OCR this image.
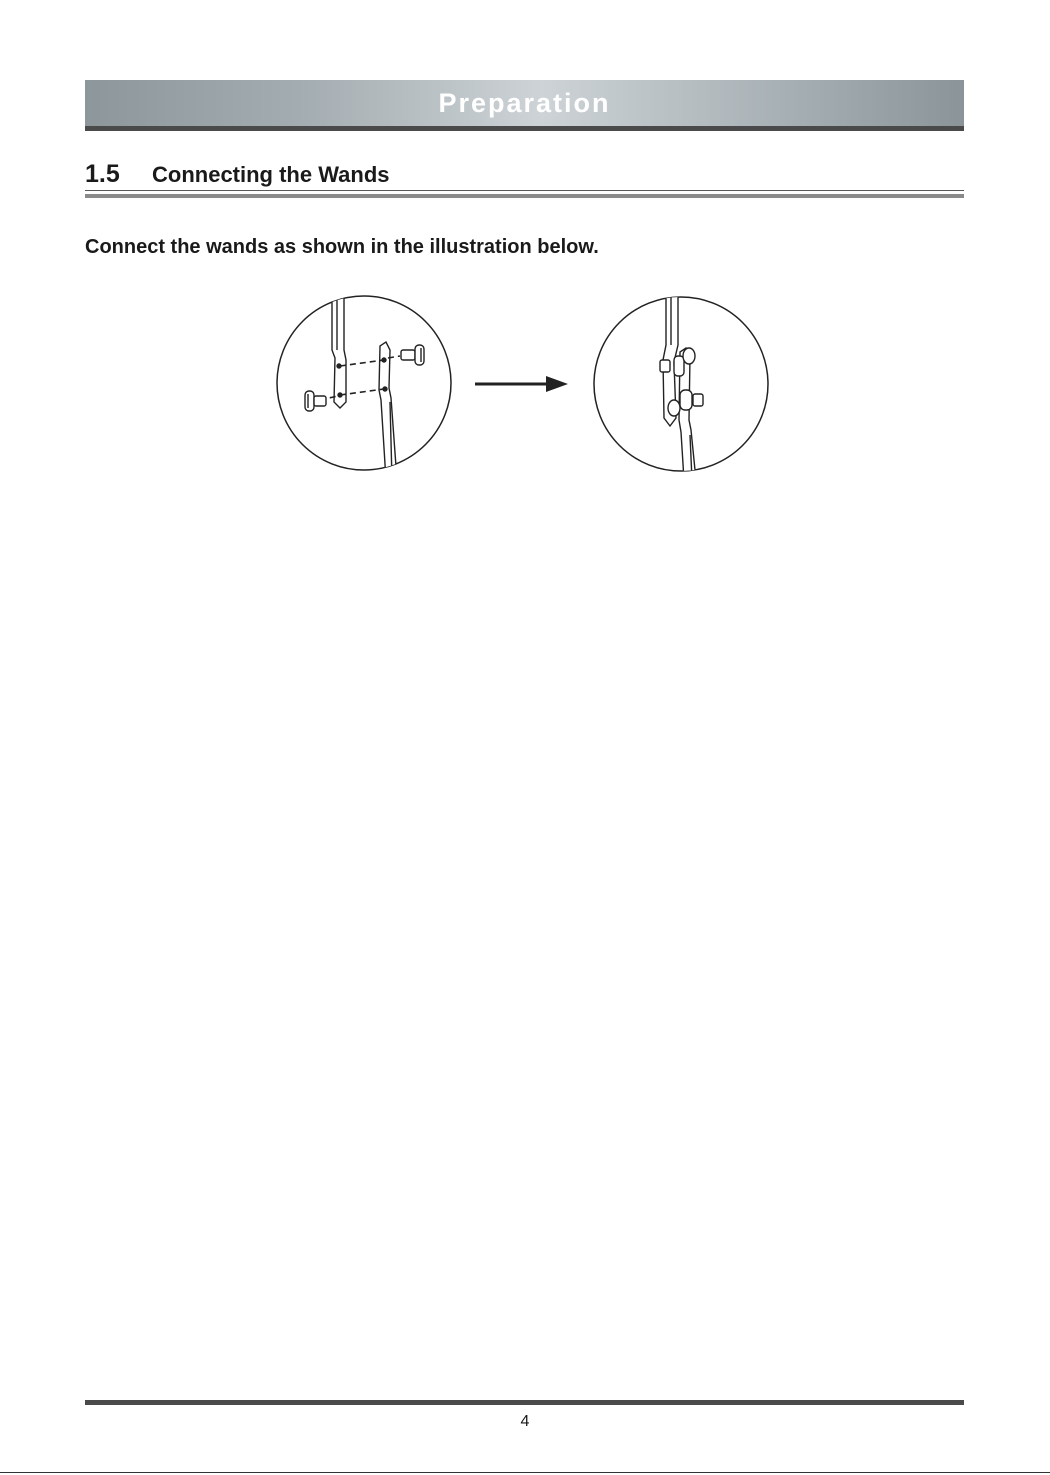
Preparation
1.5	Connecting the Wands
Connect the wands as shown in the illustration below.
4
